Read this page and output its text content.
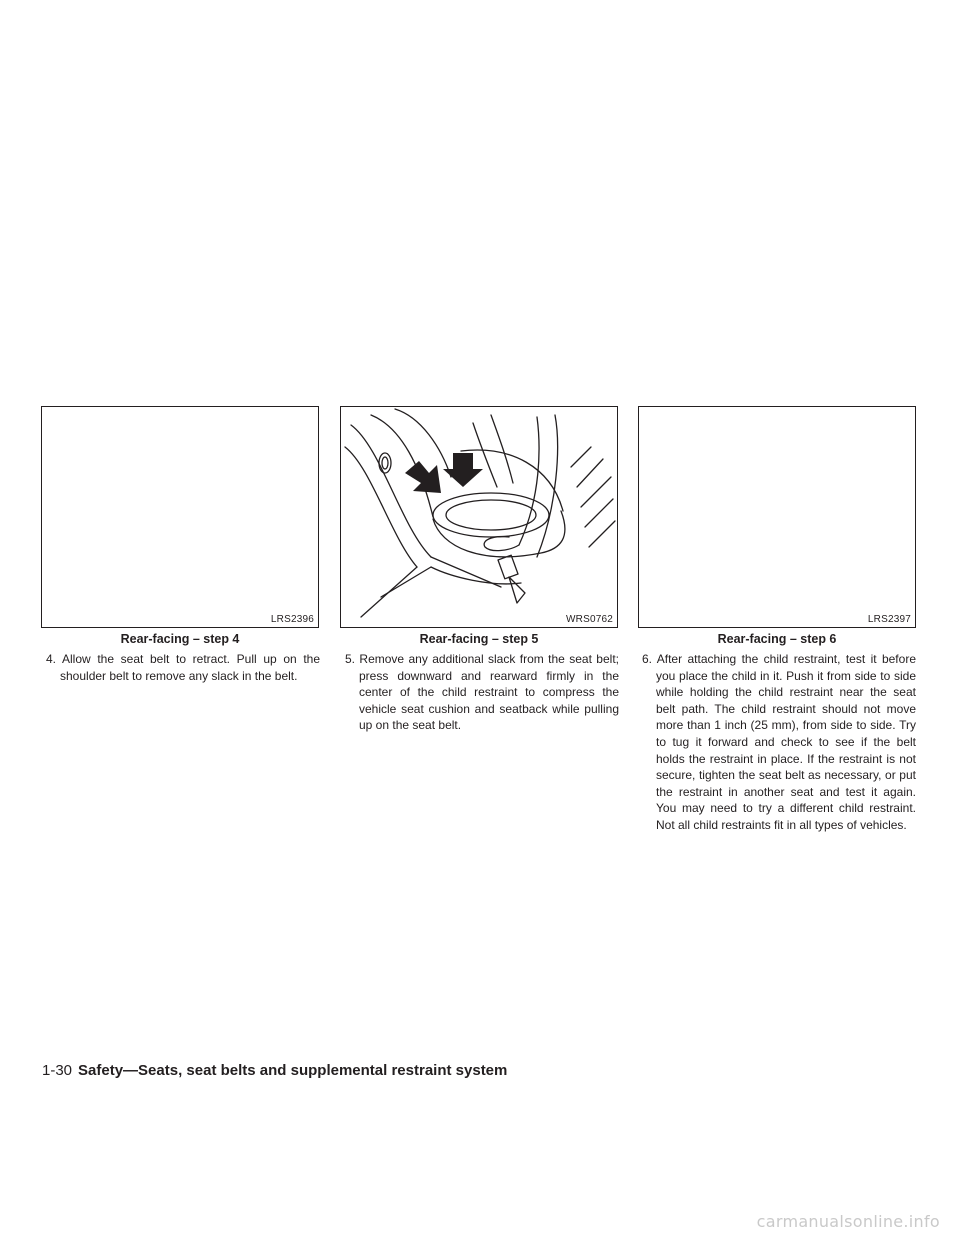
LRS2396
Rear-facing – step 4
4. Allow the seat belt to retract. Pull up on the shoulder belt to remove any slack in the belt.
WRS0762
Rear-facing – step 5
5. Remove any additional slack from the seat belt; press downward and rearward firmly in the center of the child restraint to compress the vehicle seat cushion and seatback while pulling up on the seat belt.
LRS2397
Rear-facing – step 6
6. After attaching the child restraint, test it before you place the child in it. Push it from side to side while holding the child restraint near the seat belt path. The child restraint should not move more than 1 inch (25 mm), from side to side. Try to tug it forward and check to see if the belt holds the restraint in place. If the restraint is not secure, tighten the seat belt as necessary, or put the restraint in another seat and test it again. You may need to try a different child restraint. Not all child restraints fit in all types of vehicles.
1-30 Safety—Seats, seat belts and supplemental restraint system
carmanualsonline.info
